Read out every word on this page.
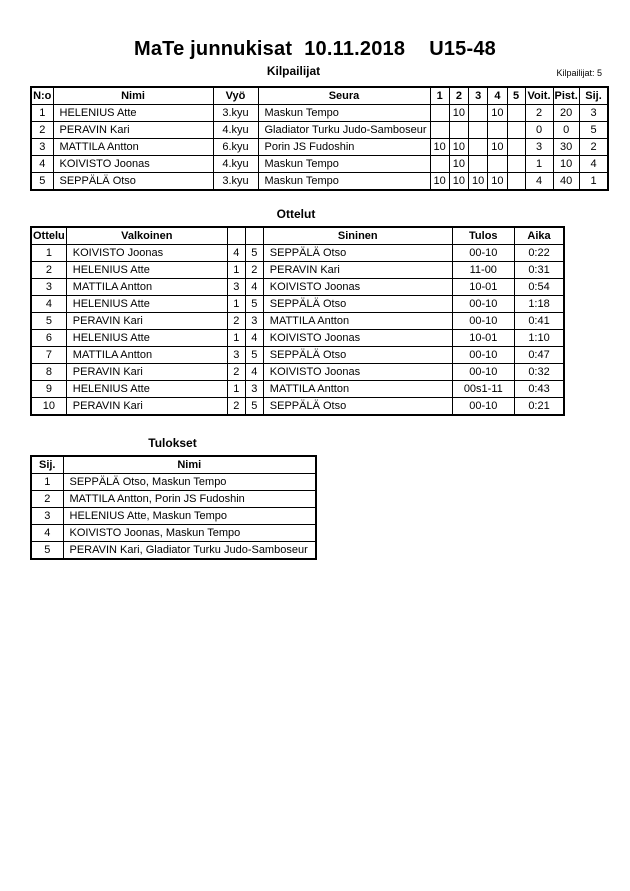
MaTe junnukisat 10.11.2018 U15-48
Kilpailijat	Kilpailijat: 5
N:o	Nimi	Vyö	Seura	1	2	3	4	5	Voit.	Pist.	Sij.
1	HELENIUS Atte	3.kyu	Maskun Tempo		10		10		2	20	3
2	PERAVIN Kari	4.kyu	Gladiator Turku Judo-Samboseur						0	0	5
3	MATTILA Antton	6.kyu	Porin JS Fudoshin	10	10		10		3	30	2
4	KOIVISTO Joonas	4.kyu	Maskun Tempo		10				1	10	4
5	SEPPÄLÄ Otso	3.kyu	Maskun Tempo	10	10	10	10		4	40	1
Ottelut
Ottelu	Valkoinen			Sininen	Tulos	Aika
1	KOIVISTO Joonas	4	5	SEPPÄLÄ Otso	00-10	0:22
2	HELENIUS Atte	1	2	PERAVIN Kari	11-00	0:31
3	MATTILA Antton	3	4	KOIVISTO Joonas	10-01	0:54
4	HELENIUS Atte	1	5	SEPPÄLÄ Otso	00-10	1:18
5	PERAVIN Kari	2	3	MATTILA Antton	00-10	0:41
6	HELENIUS Atte	1	4	KOIVISTO Joonas	10-01	1:10
7	MATTILA Antton	3	5	SEPPÄLÄ Otso	00-10	0:47
8	PERAVIN Kari	2	4	KOIVISTO Joonas	00-10	0:32
9	HELENIUS Atte	1	3	MATTILA Antton	00s1-11	0:43
10	PERAVIN Kari	2	5	SEPPÄLÄ Otso	00-10	0:21
Tulokset
Sij.	Nimi
1	SEPPÄLÄ Otso, Maskun Tempo
2	MATTILA Antton, Porin JS Fudoshin
3	HELENIUS Atte, Maskun Tempo
4	KOIVISTO Joonas, Maskun Tempo
5	PERAVIN Kari, Gladiator Turku Judo-Samboseur
